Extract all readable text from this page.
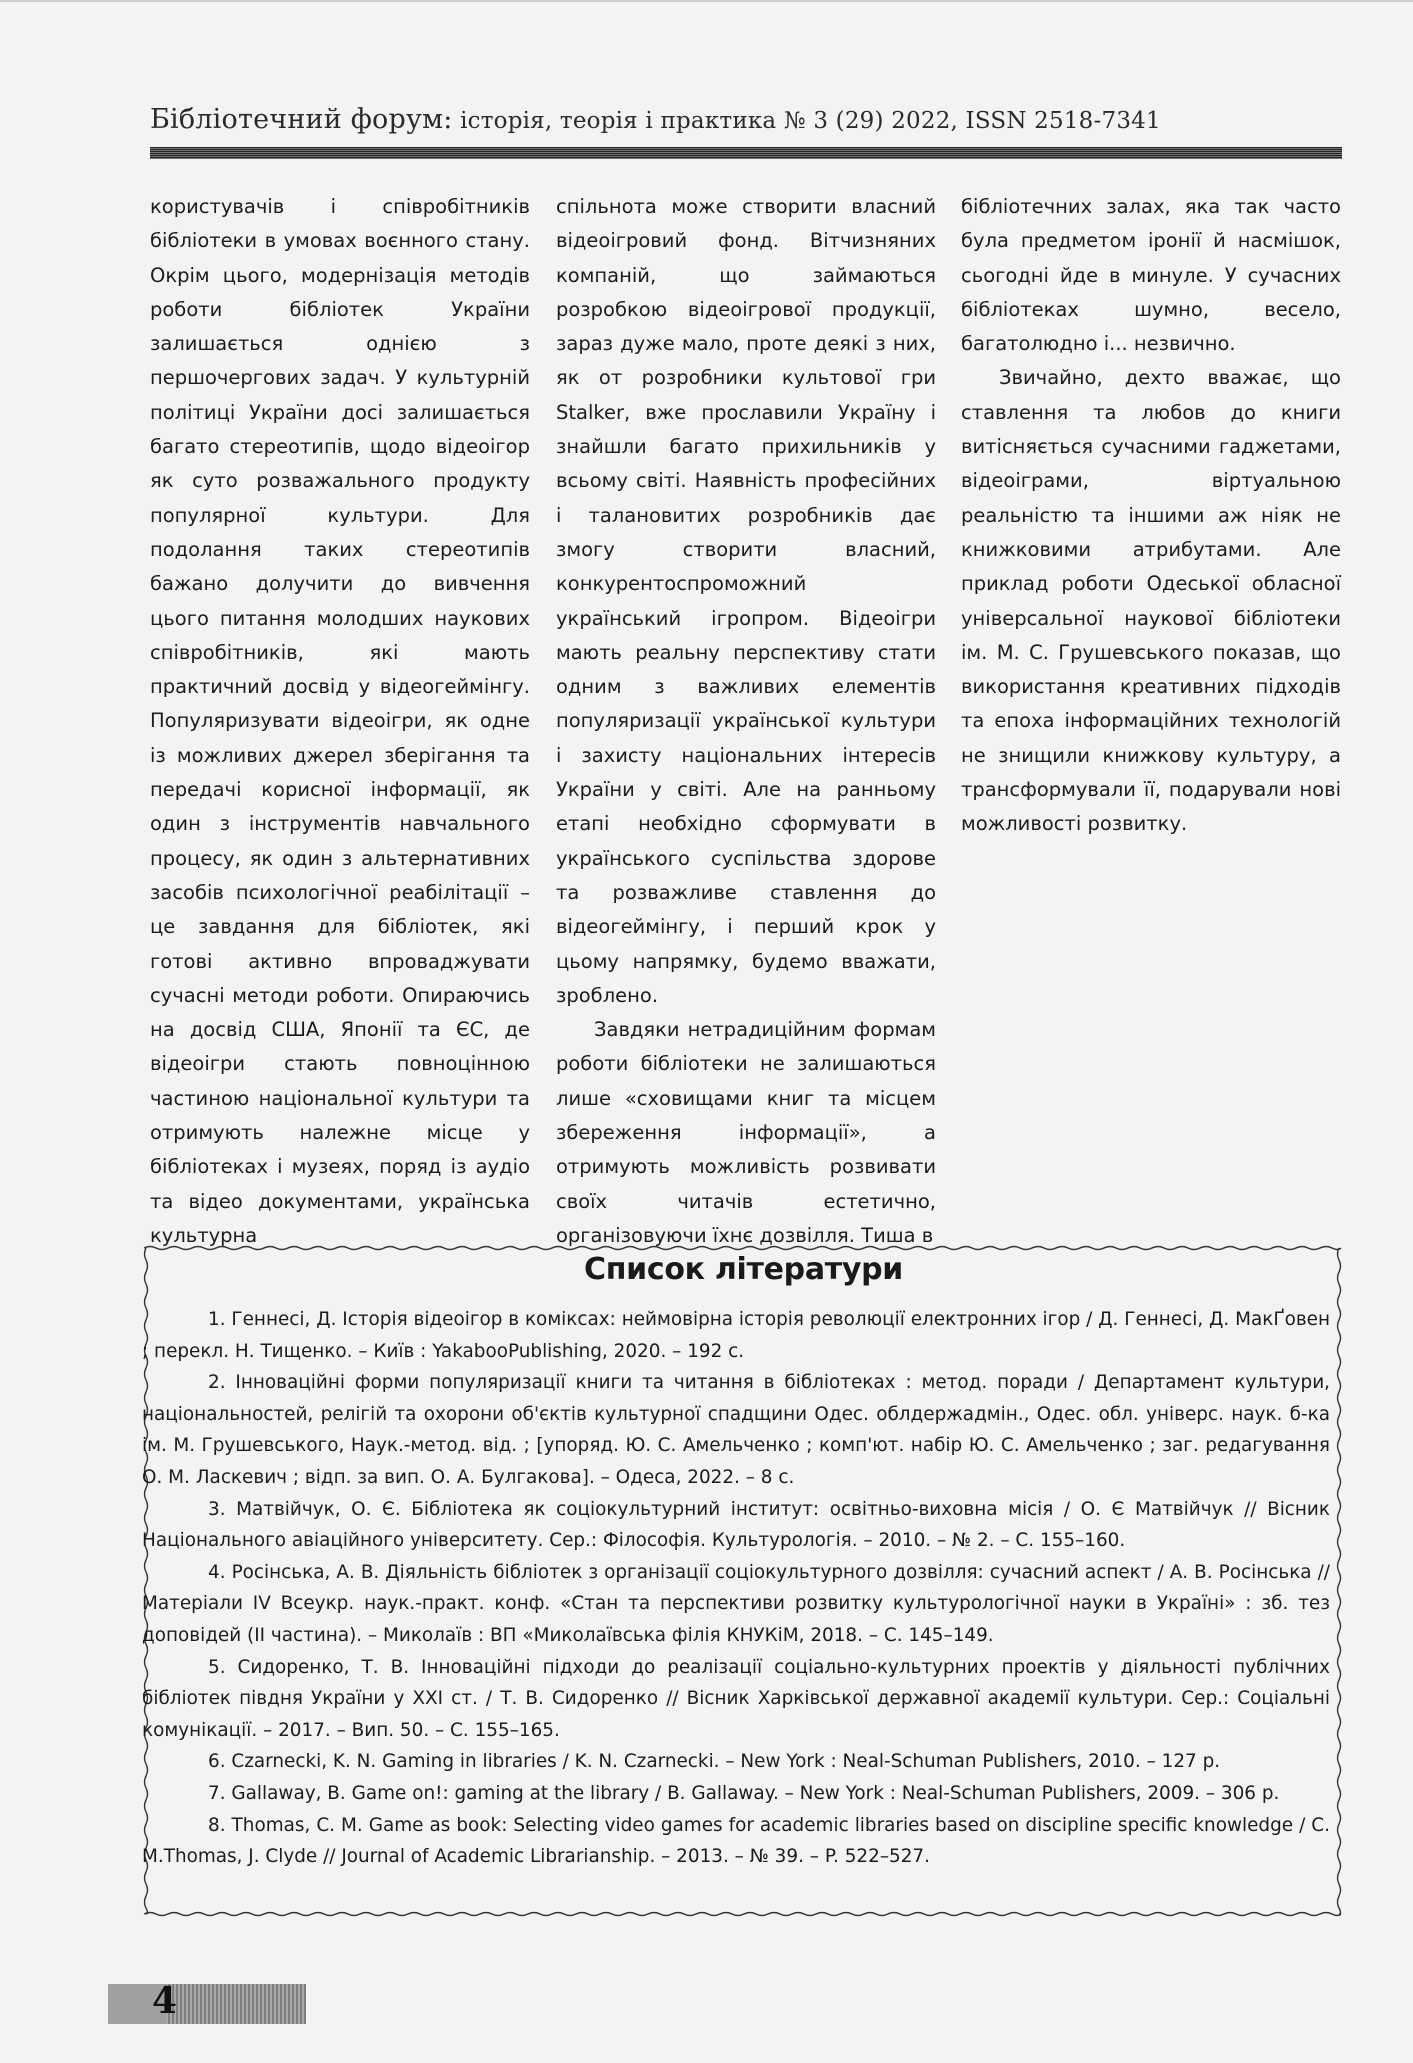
Бібліотечний форум: історія, теорія і практика № 3 (29) 2022, ISSN 2518-7341

користувачів і співробітників бібліотеки в умовах воєнного стану. Окрім цього, модернізація методів роботи бібліотек України залишається однією з першочергових задач. У культурній політиці України досі залишається багато стереотипів, щодо відеоігор як суто розважального продукту популярної культури. Для подолання таких стереотипів бажано долучити до вивчення цього питання молодших наукових співробітників, які мають практичний досвід у відеогеймінгу. Популяризувати відеоігри, як одне із можливих джерел зберігання та передачі корисної інформації, як один з інструментів навчального процесу, як один з альтернативних засобів психологічної реабілітації – це завдання для бібліотек, які готові активно впроваджувати сучасні методи роботи. Опираючись на досвід США, Японії та ЄС, де відеоігри стають повноцінною частиною національної культури та отримують належне місце у бібліотеках і музеях, поряд із аудіо та відео документами, українська культурна

спільнота може створити власний відеоігровий фонд. Вітчизняних компаній, що займаються розробкою відеоігрової продукції, зараз дуже мало, проте деякі з них, як от розробники культової гри Stalker, вже прославили Україну і знайшли багато прихильників у всьому світі. Наявність професійних і талановитих розробників дає змогу створити власний, конкурентоспроможний український ігропром. Відеоігри мають реальну перспективу стати одним з важливих елементів популяризації української культури і захисту національних інтересів України у світі. Але на ранньому етапі необхідно сформувати в українського суспільства здорове та розважливе ставлення до відеогеймінгу, і перший крок у цьому напрямку, будемо вважати, зроблено.

Завдяки нетрадиційним формам роботи бібліотеки не залишаються лише «сховищами книг та місцем збереження інформації», а отримують можливість розвивати своїх читачів естетично, організовуючи їхнє дозвілля. Тиша в

бібліотечних залах, яка так часто була предметом іронії й насмішок, сьогодні йде в минуле. У сучасних бібліотеках шумно, весело, багатолюдно і... незвично.

Звичайно, дехто вважає, що ставлення та любов до книги витісняється сучасними гаджетами, відеоіграми, віртуальною реальністю та іншими аж ніяк не книжковими атрибутами. Але приклад роботи Одеської обласної універсальної наукової бібліотеки ім. М. С. Грушевського показав, що використання креативних підходів та епоха інформаційних технологій не знищили книжкову культуру, а трансформували її, подарували нові можливості розвитку.

Список літератури

1. Геннесі, Д. Історія відеоігор в коміксах: неймовірна історія революції електронних ігор / Д. Геннесі, Д. МакҐовен ; перекл. Н. Тищенко. – Київ : YakabooPublishing, 2020. – 192 с.

2. Інноваційні форми популяризації книги та читання в бібліотеках : метод. поради / Департамент культури, національностей, релігій та охорони об'єктів культурної спадщини Одес. облдержадмін., Одес. обл. універс. наук. б-ка ім. М. Грушевського, Наук.-метод. від. ; [упоряд. Ю. С. Амельченко ; комп'ют. набір Ю. С. Амельченко ; заг. редагування О. М. Ласкевич ; відп. за вип. О. А. Булгакова]. – Одеса, 2022. – 8 с.

3. Матвійчук, О. Є. Бібліотека як соціокультурний інститут: освітньо-виховна місія / О. Є Матвійчук // Вісник Національного авіаційного університету. Сер.: Філософія. Культурологія. – 2010. – № 2. – С. 155–160.

4. Росінська, А. В. Діяльність бібліотек з організації соціокультурного дозвілля: сучасний аспект / А. В. Росінська // Матеріали IV Всеукр. наук.-практ. конф. «Стан та перспективи розвитку культурологічної науки в Україні» : зб. тез доповідей (ІІ частина). – Миколаїв : ВП «Миколаївська філія КНУКіМ, 2018. – С. 145–149.

5. Сидоренко, Т. В. Інноваційні підходи до реалізації соціально-культурних проектів у діяльності публічних бібліотек півдня України у XXI ст. / Т. В. Сидоренко // Вісник Харківської державної академії культури. Сер.: Соціальні комунікації. – 2017. – Вип. 50. – С. 155–165.

6. Czarnecki, K. N. Gaming in libraries / K. N. Czarnecki. – New York : Neal-Schuman Publishers, 2010. – 127 p.

7. Gallaway, B. Game on!: gaming at the library / B. Gallaway. – New York : Neal-Schuman Publishers, 2009. – 306 p.

8. Thomas, C. M. Game as book: Selecting video games for academic libraries based on discipline specific knowledge / C. M.Thomas, J. Clyde // Journal of Academic Librarianship. – 2013. – № 39. – P. 522–527.

4
